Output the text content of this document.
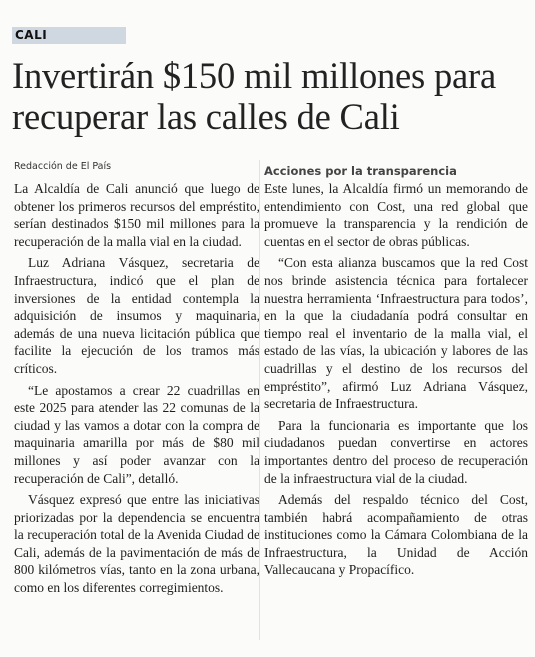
CALI
Invertirán $150 mil millones para recuperar las calles de Cali
Redacción de El País

La Alcaldía de Cali anunció que luego de obtener los primeros recursos del empréstito, serían destinados $150 mil millones para la recuperación de la malla vial en la ciudad.

Luz Adriana Vásquez, secretaria de Infraestructura, indicó que el plan de inversiones de la entidad contempla la adquisición de insumos y maquinaria, además de una nueva licitación pública que facilite la ejecución de los tramos más críticos.

“Le apostamos a crear 22 cuadrillas en este 2025 para atender las 22 comunas de la ciudad y las vamos a dotar con la compra de maquinaria amarilla por más de $80 mil millones y así poder avanzar con la recuperación de Cali”, detalló.

Vásquez expresó que entre las iniciativas priorizadas por la dependencia se encuentra la recuperación total de la Avenida Ciudad de Cali, además de la pavimentación de más de 800 kilómetros vías, tanto en la zona urbana, como en los diferentes corregimientos.

Acciones por la transparencia

Este lunes, la Alcaldía firmó un memorando de entendimiento con Cost, una red global que promueve la transparencia y la rendición de cuentas en el sector de obras públicas.

“Con esta alianza buscamos que la red Cost nos brinde asistencia técnica para fortalecer nuestra herramienta ‘Infraestructura para todos’, en la que la ciudadanía podrá consultar en tiempo real el inventario de la malla vial, el estado de las vías, la ubicación y labores de las cuadrillas y el destino de los recursos del empréstito”, afirmó Luz Adriana Vásquez, secretaria de Infraestructura.

Para la funcionaria es importante que los ciudadanos puedan convertirse en actores importantes dentro del proceso de recuperación de la infraestructura vial de la ciudad.

Además del respaldo técnico del Cost, también habrá acompañamiento de otras instituciones como la Cámara Colombiana de la Infraestructura, la Unidad de Acción Vallecaucana y Propacífico.
